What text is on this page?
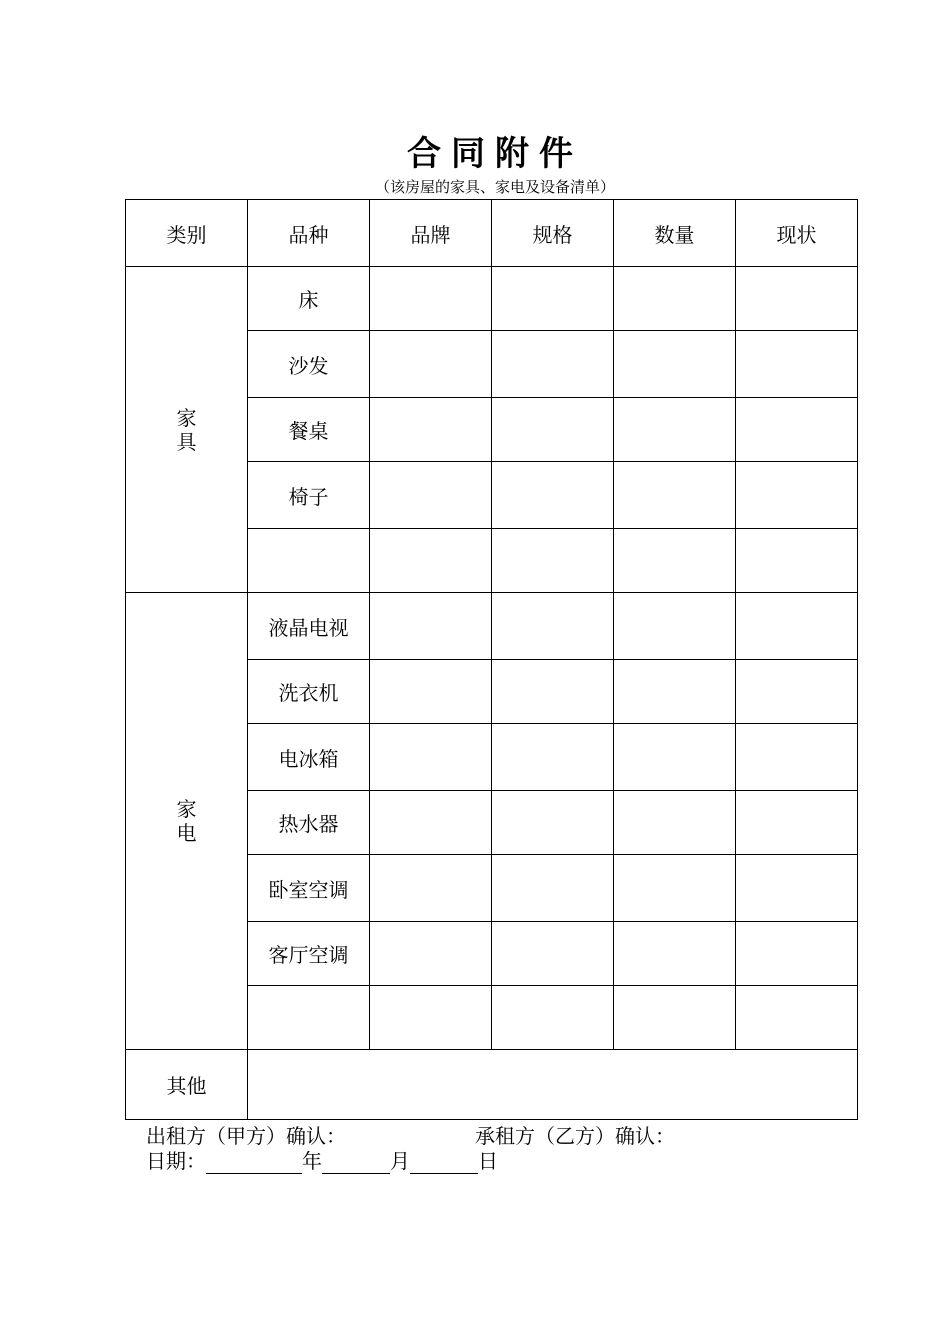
合同附件
（该房屋的家具、家电及设备清单）
类别	品种	品牌	规格	数量	现状
家
具	床				
	沙发				
	餐桌				
	椅子				

家
电	液晶电视				
	洗衣机				
	电冰箱				
	热水器				
	卧室空调				
	客厅空调				

其他					
出租方（甲方）确认：	承租方（乙方）确认：
日期：	年	月	日
